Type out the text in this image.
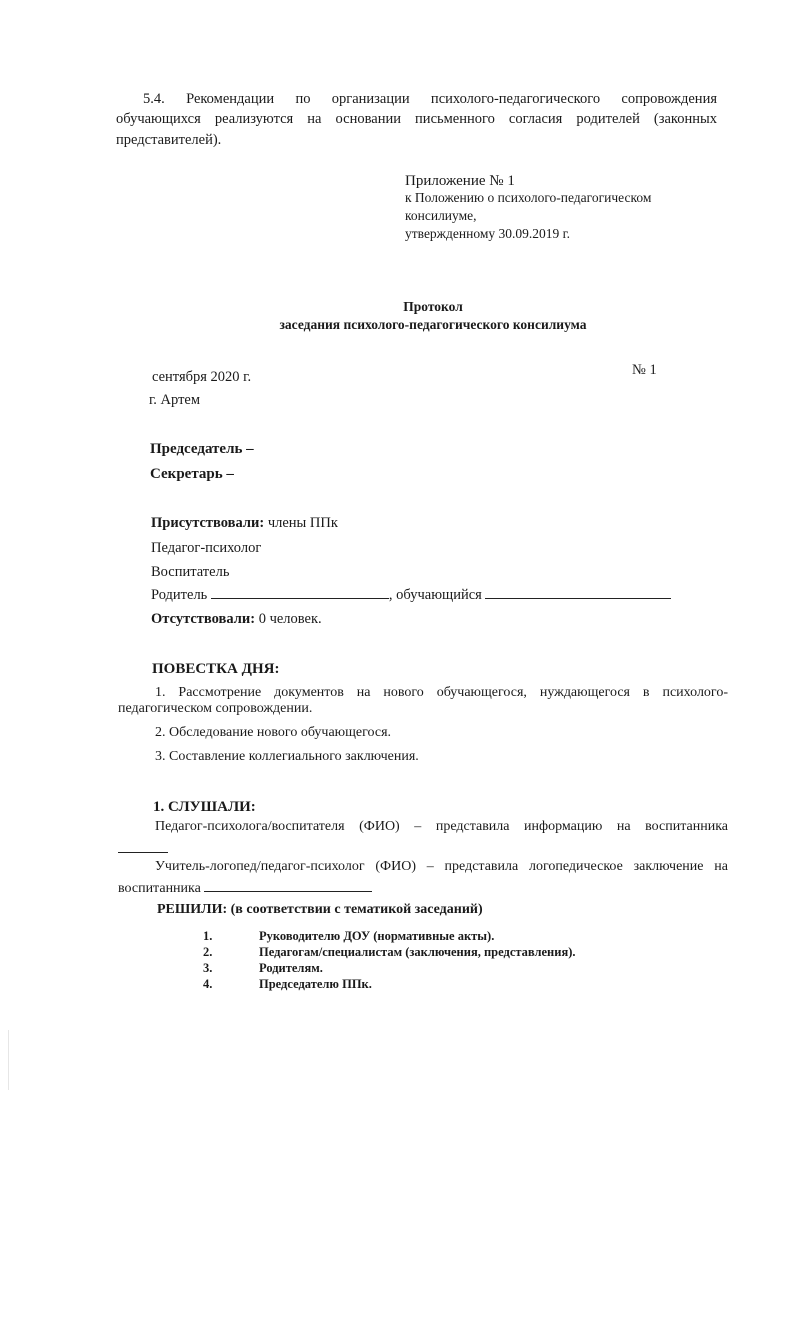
5.4. Рекомендации по организации психолого-педагогического сопровождения
обучающихся реализуются на основании письменного согласия родителей (законных
представителей).
Приложение № 1
к Положению о психолого-педагогическом
консилиуме,
утвержденному 30.09.2019 г.
Протокол
заседания психолого-педагогического консилиума
сентября 2020 г.	№ 1
г. Артем
Председатель –
Секретарь –
Присутствовали: члены ППк
Педагог-психолог
Воспитатель
Родитель	, обучающийся
Отсутствовали: 0 человек.
ПОВЕСТКА ДНЯ:
1. Рассмотрение документов на нового обучающегося, нуждающегося в психолого-
педагогическом сопровождении.
2. Обследование нового обучающегося.
3. Составление коллегиального заключения.
1. СЛУШАЛИ:
Педагог-психолога/воспитателя (ФИО) – представила информацию на воспитанника
Учитель-логопед/педагог-психолог (ФИО) – представила логопедическое заключение на
воспитанника
РЕШИЛИ: (в соответствии с тематикой заседаний)
1.	Руководителю ДОУ (нормативные акты).
2.	Педагогам/специалистам (заключения, представления).
3.	Родителям.
4.	Председателю ППк.
